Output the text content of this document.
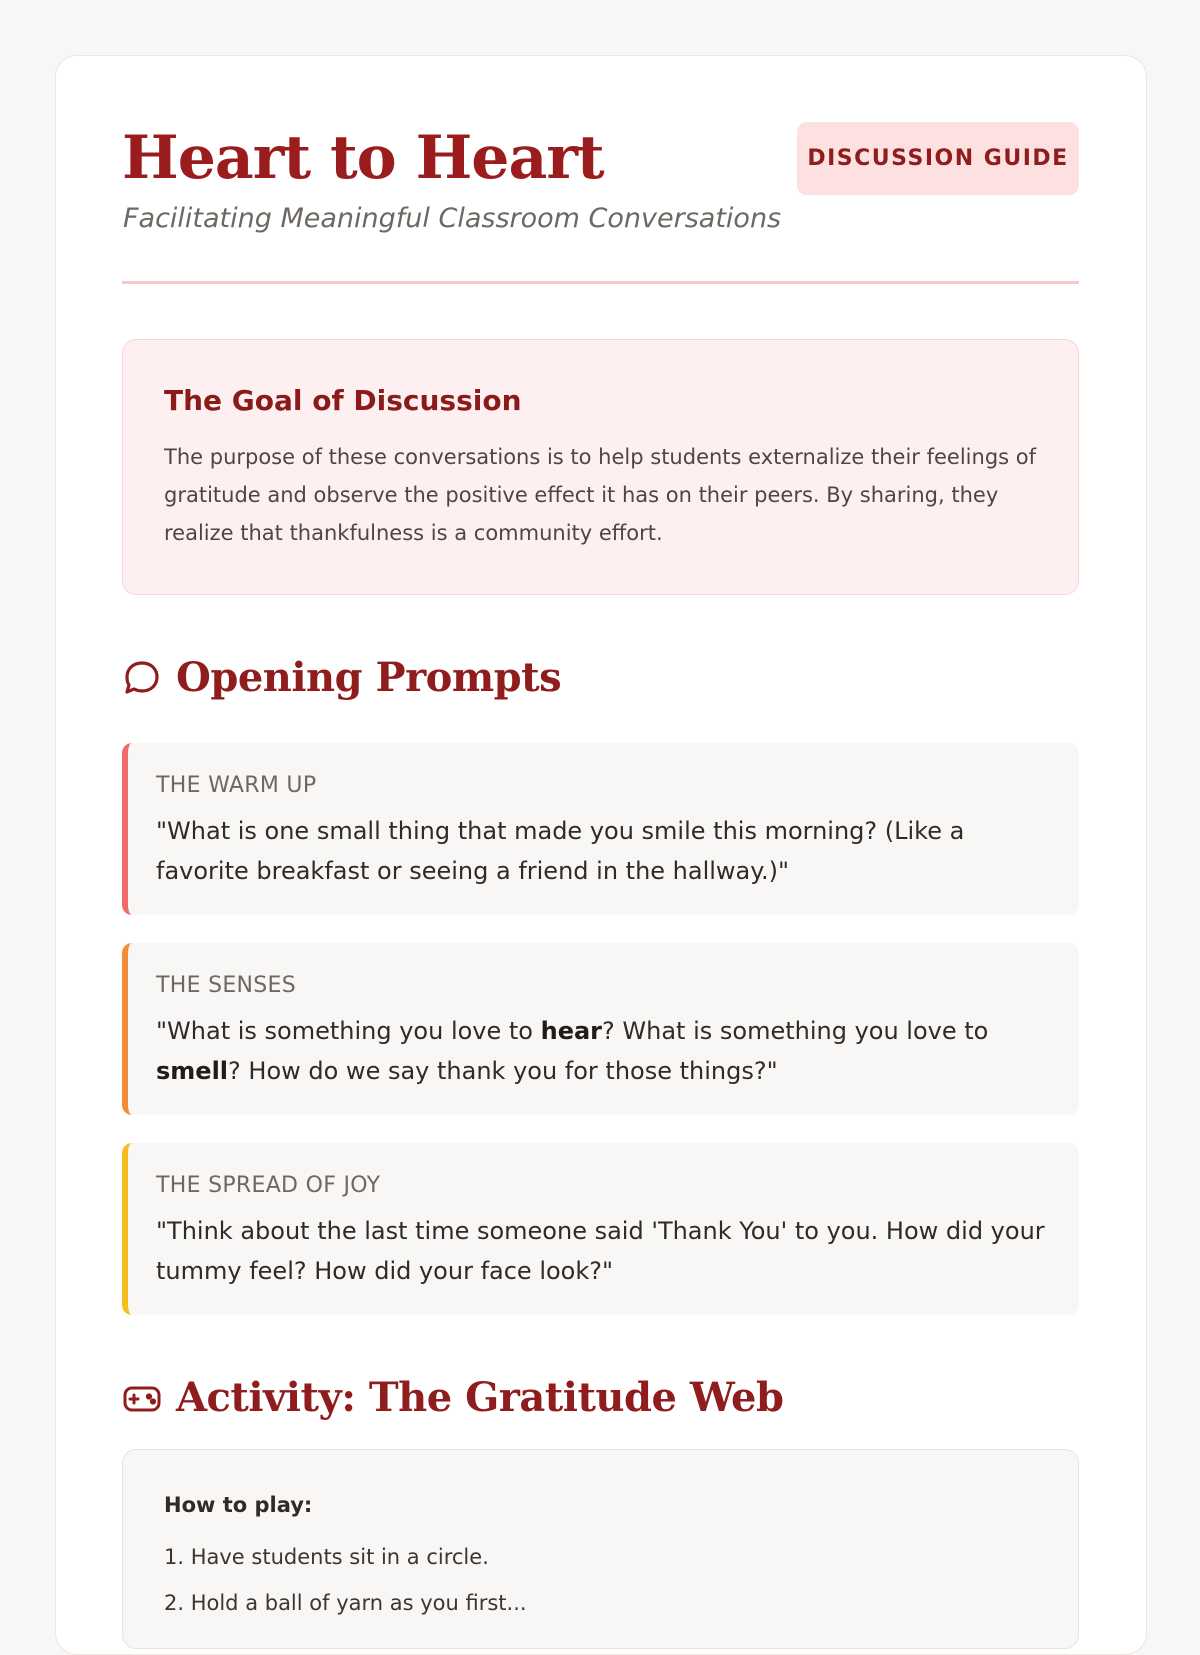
Heart to Heart
Facilitating Meaningful Classroom Conversations
DISCUSSION GUIDE
The Goal of Discussion
The purpose of these conversations is to help students externalize their feelings of gratitude and observe the positive effect it has on their peers. By sharing, they realize that thankfulness is a community effort.
Opening Prompts
THE WARM UP
"What is one small thing that made you smile this morning? (Like a favorite breakfast or seeing a friend in the hallway.)"
THE SENSES
"What is something you love to hear? What is something you love to smell? How do we say thank you for those things?"
THE SPREAD OF JOY
"Think about the last time someone said 'Thank You' to you. How did your tummy feel? How did your face look?"
Activity: The Gratitude Web
How to play:
1. Have students sit in a circle.
2. Hold a ball of yarn as you first...
